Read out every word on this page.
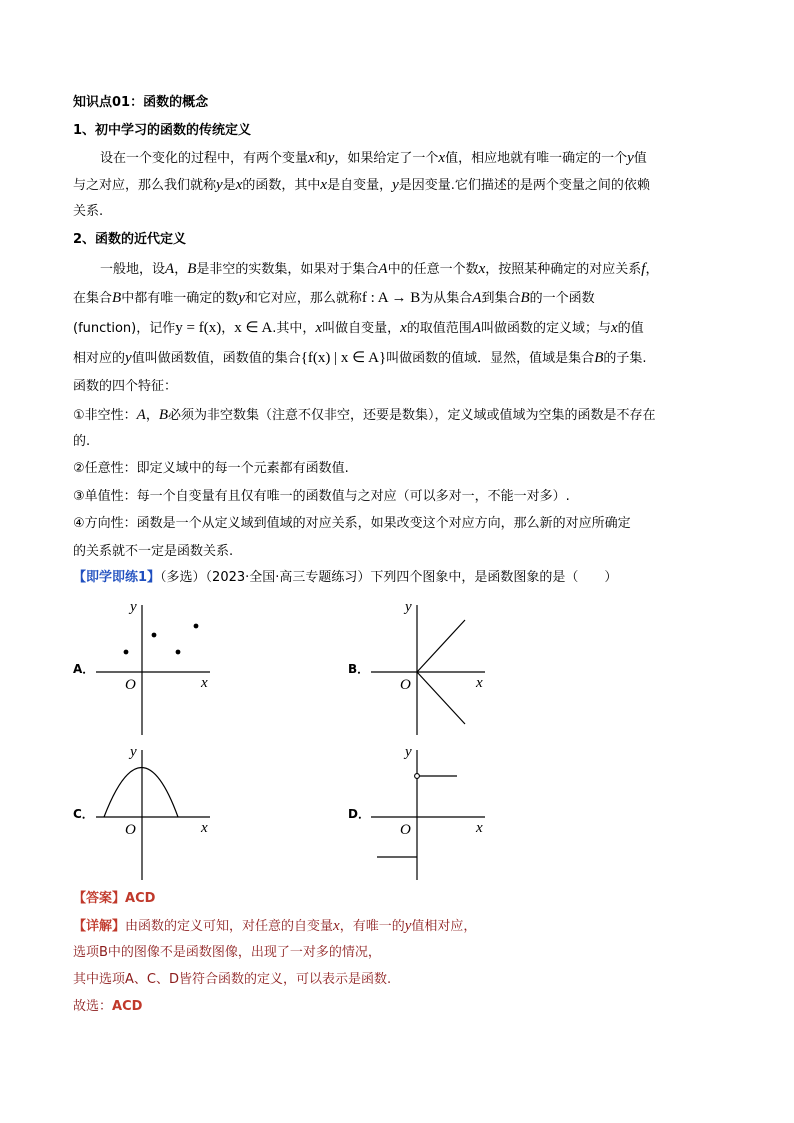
知识点01：函数的概念
1、初中学习的函数的传统定义
设在一个变化的过程中，有两个变量x和y，如果给定了一个x值，相应地就有唯一确定的一个y值
与之对应，那么我们就称y是x的函数，其中x是自变量，y是因变量.它们描述的是两个变量之间的依赖
关系.
2、函数的近代定义
一般地，设A，B是非空的实数集，如果对于集合A中的任意一个数x，按照某种确定的对应关系f，
在集合B中都有唯一确定的数y和它对应，那么就称f : A → B为从集合A到集合B的一个函数
(function)，记作y = f(x)，x ∈ A.其中，x叫做自变量，x的取值范围A叫做函数的定义域；与x的值
相对应的y值叫做函数值，函数值的集合{f(x) | x ∈ A}叫做函数的值域．显然，值域是集合B的子集.
函数的四个特征：
①非空性：A，B必须为非空数集（注意不仅非空，还要是数集），定义域或值域为空集的函数是不存在
的.
②任意性：即定义域中的每一个元素都有函数值.
③单值性：每一个自变量有且仅有唯一的函数值与之对应（可以多对一，不能一对多）.
④方向性：函数是一个从定义域到值域的对应关系，如果改变这个对应方向，那么新的对应所确定
的关系就不一定是函数关系.
【即学即练1】（多选）（2023·全国·高三专题练习）下列四个图象中，是函数图象的是（　　）
A．
y
x
O
B．
y
x
O
C．
y
x
O
D．
y
x
O
【答案】ACD
【详解】由函数的定义可知，对任意的自变量x，有唯一的y值相对应，
选项B中的图像不是函数图像，出现了一对多的情况，
其中选项A、C、D皆符合函数的定义，可以表示是函数.
故选：ACD
